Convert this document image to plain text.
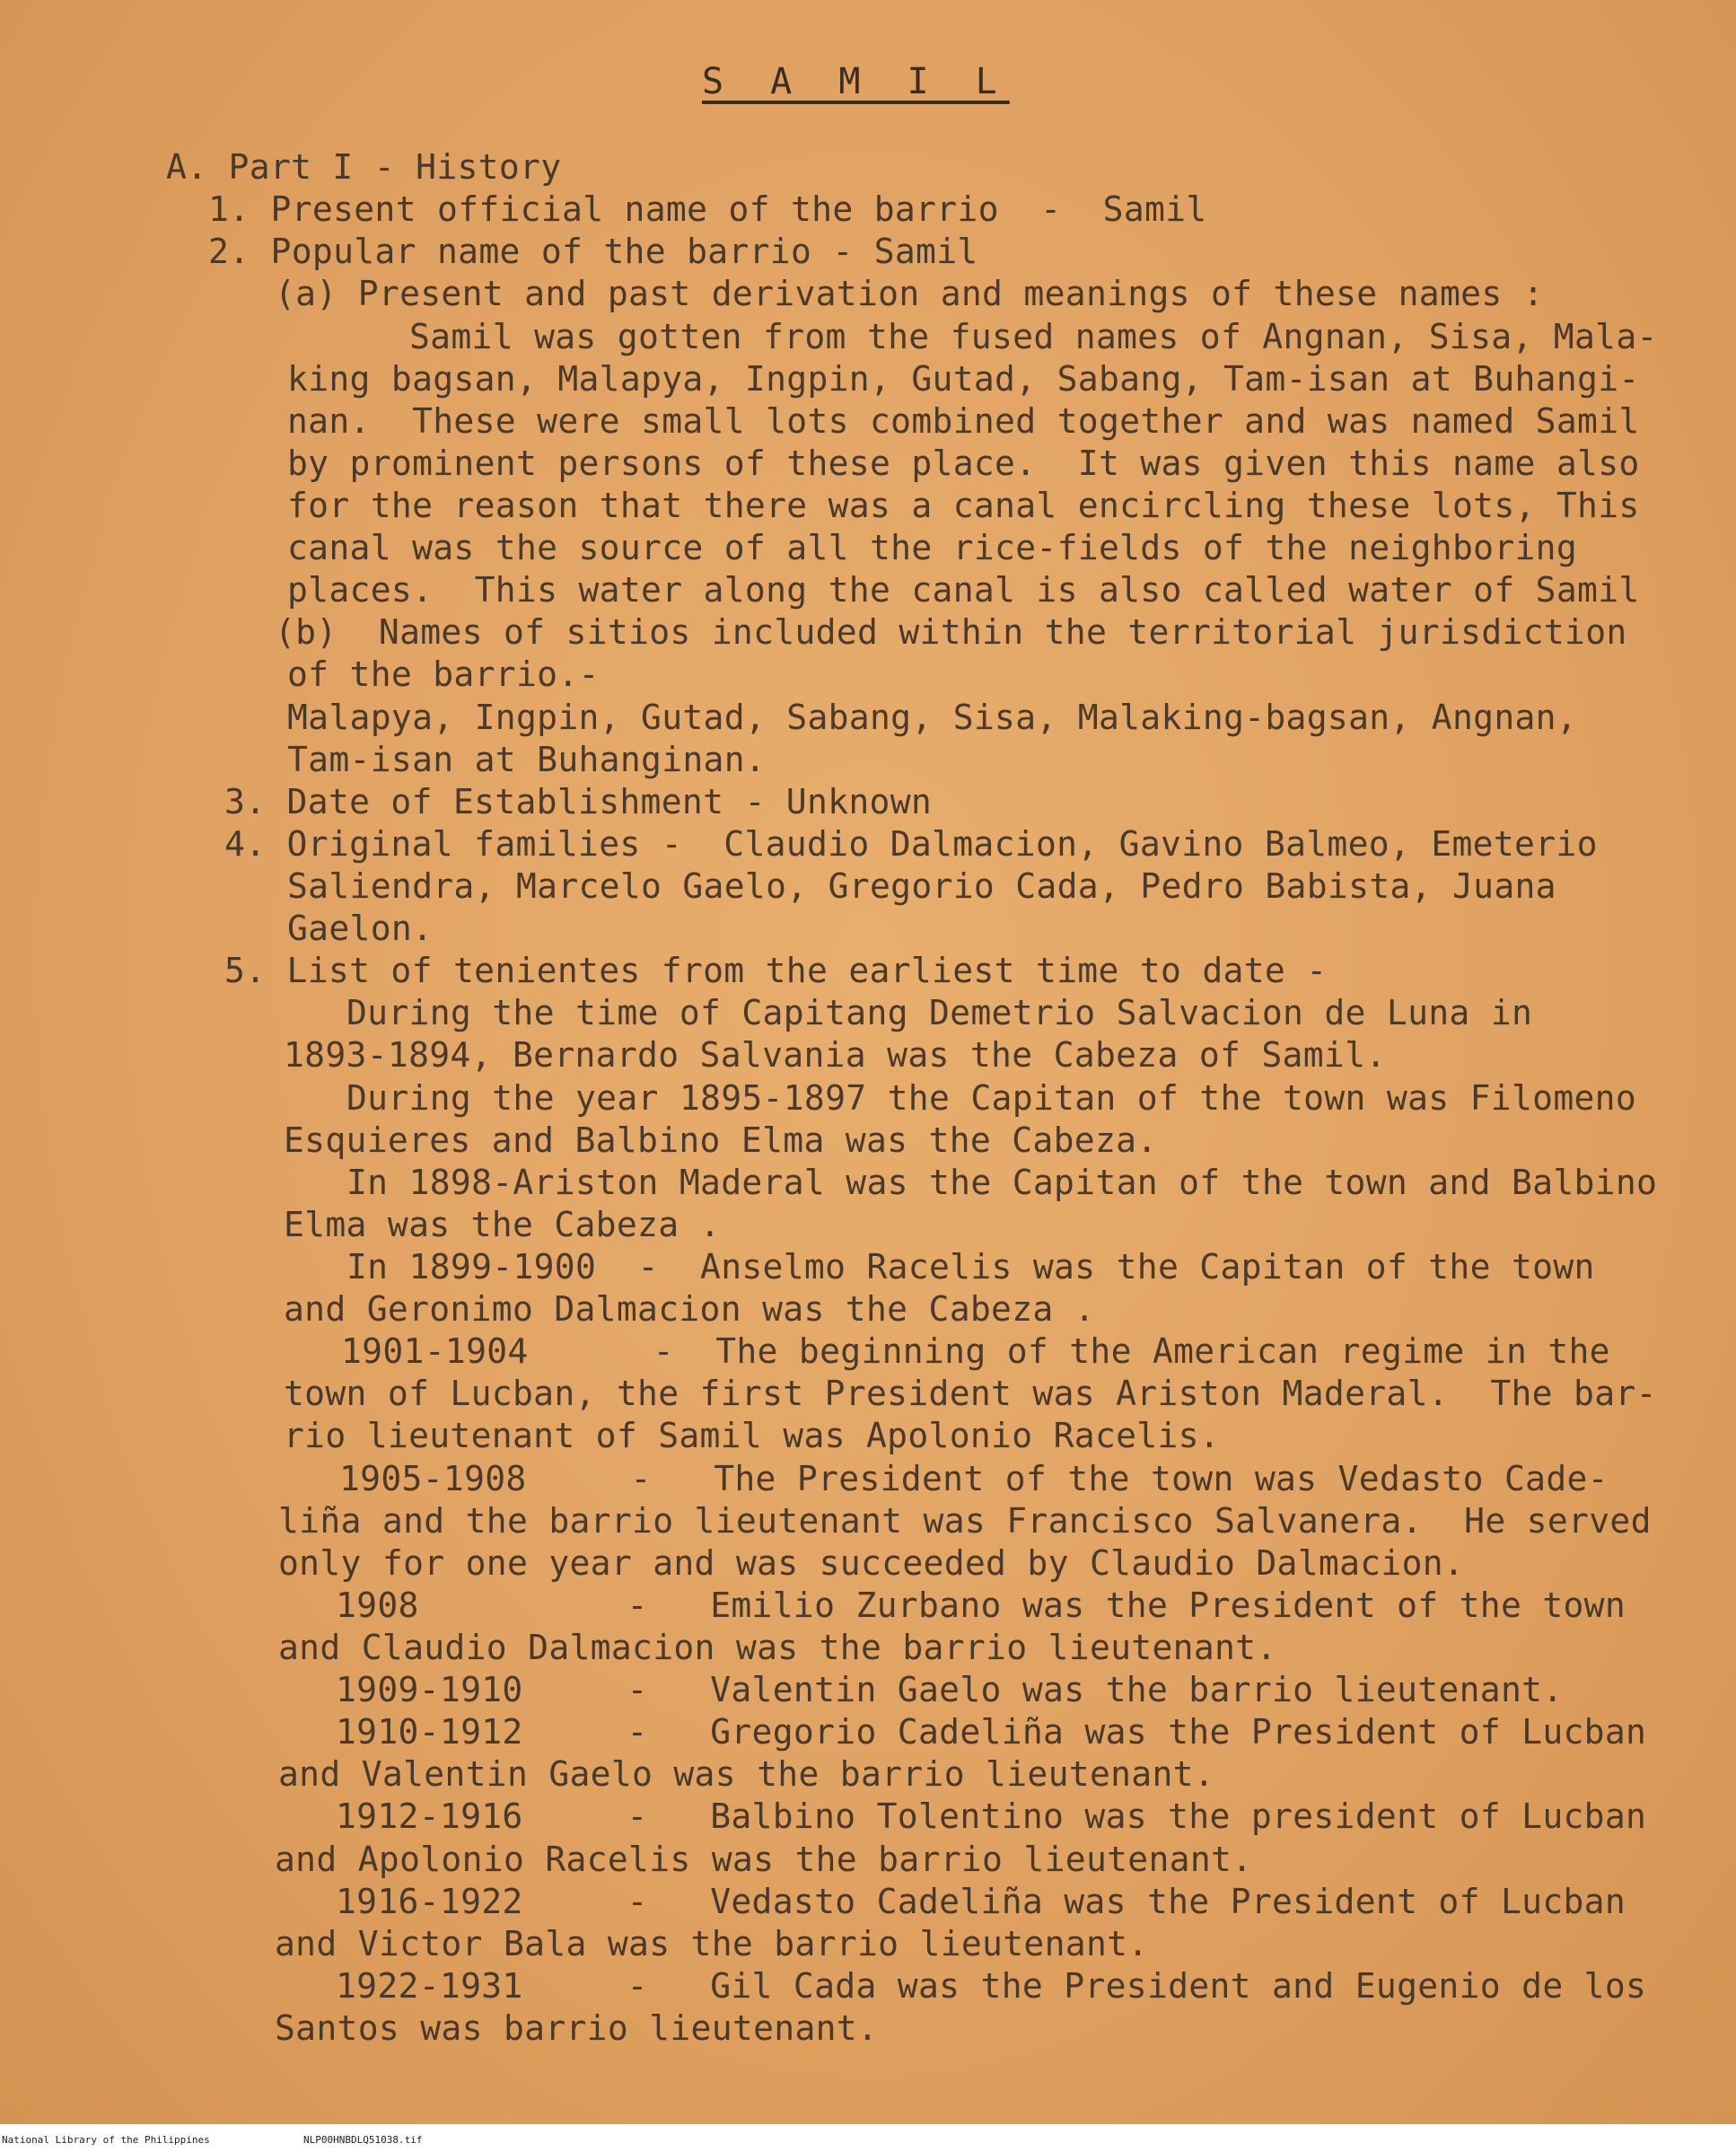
S A M I L
A. Part I - History
1. Present official name of the barrio  -  Samil
2. Popular name of the barrio - Samil
(a) Present and past derivation and meanings of these names :
Samil was gotten from the fused names of Angnan, Sisa, Mala-
king bagsan, Malapya, Ingpin, Gutad, Sabang, Tam-isan at Buhangi-
nan.  These were small lots combined together and was named Samil
by prominent persons of these place.  It was given this name also
for the reason that there was a canal encircling these lots, This
canal was the source of all the rice-fields of the neighboring
places.  This water along the canal is also called water of Samil
(b)  Names of sitios included within the territorial jurisdiction
of the barrio.-
Malapya, Ingpin, Gutad, Sabang, Sisa, Malaking-bagsan, Angnan,
Tam-isan at Buhanginan.
3. Date of Establishment - Unknown
4. Original families -  Claudio Dalmacion, Gavino Balmeo, Emeterio
Saliendra, Marcelo Gaelo, Gregorio Cada, Pedro Babista, Juana
Gaelon.
5. List of tenientes from the earliest time to date -
During the time of Capitang Demetrio Salvacion de Luna in
1893-1894, Bernardo Salvania was the Cabeza of Samil.
During the year 1895-1897 the Capitan of the town was Filomeno
Esquieres and Balbino Elma was the Cabeza.
In 1898-Ariston Maderal was the Capitan of the town and Balbino
Elma was the Cabeza .
In 1899-1900  -  Anselmo Racelis was the Capitan of the town
and Geronimo Dalmacion was the Cabeza .
1901-1904      -  The beginning of the American regime in the
town of Lucban, the first President was Ariston Maderal.  The bar-
rio lieutenant of Samil was Apolonio Racelis.
1905-1908     -   The President of the town was Vedasto Cade-
liña and the barrio lieutenant was Francisco Salvanera.  He served
only for one year and was succeeded by Claudio Dalmacion.
1908          -   Emilio Zurbano was the President of the town
and Claudio Dalmacion was the barrio lieutenant.
1909-1910     -   Valentin Gaelo was the barrio lieutenant.
1910-1912     -   Gregorio Cadeliña was the President of Lucban
and Valentin Gaelo was the barrio lieutenant.
1912-1916     -   Balbino Tolentino was the president of Lucban
and Apolonio Racelis was the barrio lieutenant.
1916-1922     -   Vedasto Cadeliña was the President of Lucban
and Victor Bala was the barrio lieutenant.
1922-1931     -   Gil Cada was the President and Eugenio de los
Santos was barrio lieutenant.
National Library of the Philippines	NLP00HNBDLQ51038.tif
